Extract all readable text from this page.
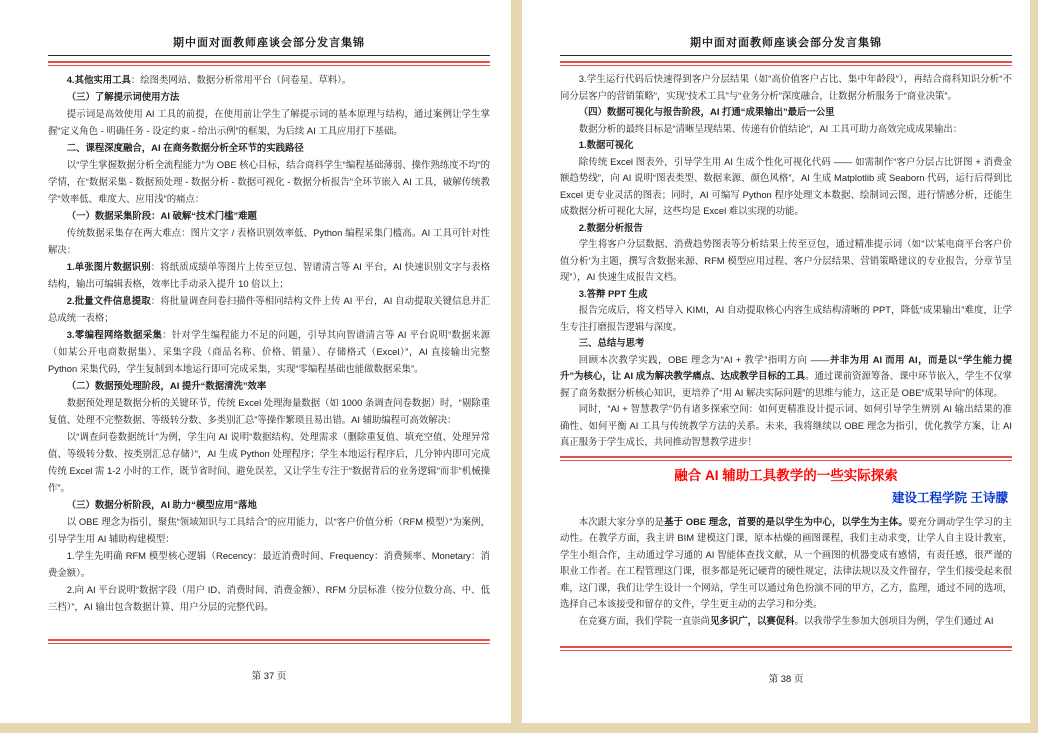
期中面对面教师座谈会部分发言集锦

4.其他实用工具：绘图类网站、数据分析常用平台（问卷星、草料）。

（三）了解提示词使用方法

提示词是高效使用 AI 工具的前提，在使用前让学生了解提示词的基本原理与结构，通过案例让学生掌握“定义角色 - 明确任务 - 设定约束 - 给出示例”的框架，为后续 AI 工具应用打下基础。

二、课程深度融合，AI 在商务数据分析全环节的实践路径

以“学生掌握数据分析全流程能力”为 OBE 核心目标，结合商科学生“编程基础薄弱、操作熟练度不均”的学情，在“数据采集 - 数据预处理 - 数据分析 - 数据可视化 - 数据分析报告”全环节嵌入 AI 工具，破解传统教学“效率低、难度大、应用浅”的痛点：

（一）数据采集阶段：AI 破解“技术门槛”难题

传统数据采集存在两大难点：图片文字 / 表格识别效率低、Python 编程采集门槛高。AI 工具可针对性解决：

1.单张图片数据识别：将纸质成绩单等图片上传至豆包、智谱清言等 AI 平台，AI 快速识别文字与表格结构，输出可编辑表格，效率比手动录入提升 10 倍以上；

2.批量文件信息提取：将批量调查问卷扫描件等相同结构文件上传 AI 平台，AI 自动提取关键信息并汇总成统一表格；

3.零编程网络数据采集：针对学生编程能力不足的问题，引导其向智谱清言等 AI 平台说明“数据来源（如某公开电商数据集）、采集字段（商品名称、价格、销量）、存储格式（Excel）”，AI 直接输出完整 Python 采集代码，学生复制到本地运行即可完成采集，实现“零编程基础也能做数据采集”。

（二）数据预处理阶段，AI 提升“数据清洗”效率

数据预处理是数据分析的关键环节，传统 Excel 处理海量数据（如 1000 条调查问卷数据）时，“剔除重复值、处理不完整数据、等级转分数、多类别汇总”等操作繁琐且易出错。AI 辅助编程可高效解决：

以“调查问卷数据统计”为例，学生向 AI 说明“数据结构、处理需求（删除重复值、填充空值、处理异常值、等级转分数、按类别汇总存储）”，AI 生成 Python 处理程序；学生本地运行程序后，几分钟内即可完成传统 Excel 需 1-2 小时的工作，既节省时间、避免误差，又让学生专注于“数据背后的业务逻辑”而非“机械操作”。

（三）数据分析阶段，AI 助力“模型应用”落地

以 OBE 理念为指引，聚焦“领域知识与工具结合”的应用能力，以“客户价值分析（RFM 模型）”为案例，引导学生用 AI 辅助构建模型：

1.学生先明确 RFM 模型核心逻辑（Recency：最近消费时间、Frequency：消费频率、Monetary：消费金额）。

2.向 AI 平台说明“数据字段（用户 ID、消费时间、消费金额）、RFM 分层标准（按分位数分高、中、低三档）”，AI 输出包含数据计算、用户分层的完整代码。

第 37 页
期中面对面教师座谈会部分发言集锦

3.学生运行代码后快速得到客户分层结果（如“高价值客户占比、集中年龄段”），再结合商科知识分析“不同分层客户的营销策略”，实现“技术工具”与“业务分析”深度融合，让数据分析服务于“商业决策”。

（四）数据可视化与报告阶段，AI 打通“成果输出”最后一公里

数据分析的最终目标是“清晰呈现结果、传递有价值结论”，AI 工具可助力高效完成成果输出：

1.数据可视化

除传统 Excel 图表外，引导学生用 AI 生成个性化可视化代码 —— 如需制作“客户分层占比饼图 + 消费金额趋势线”，向 AI 说明“图表类型、数据来源、颜色风格”，AI 生成 Matplotlib 或 Seaborn 代码，运行后得到比 Excel 更专业灵活的图表；同时，AI 可编写 Python 程序处理文本数据、绘制词云图、进行情感分析，还能生成数据分析可视化大屏，这些均是 Excel 难以实现的功能。

2.数据分析报告

学生将客户分层数据、消费趋势图表等分析结果上传至豆包，通过精准提示词（如“以'某电商平台客户价值分析'为主题，撰写含数据来源、RFM 模型应用过程、客户分层结果、营销策略建议的专业报告，分章节呈现”），AI 快速生成报告文档。

3.答辩 PPT 生成

报告完成后，将文档导入 KIMI，AI 自动提取核心内容生成结构清晰的 PPT，降低“成果输出”难度，让学生专注打磨报告逻辑与深度。

三、总结与思考

回顾本次教学实践，OBE 理念为“AI + 教学”指明方向 ——并非为用 AI 而用 AI，而是以“学生能力提升”为核心，让 AI 成为解决教学痛点、达成教学目标的工具。通过课前资源筹备、课中环节嵌入，学生不仅掌握了商务数据分析核心知识，更培养了“用 AI 解决实际问题”的思维与能力，这正是 OBE“成果导向”的体现。

同时，“AI + 智慧教学”仍有诸多探索空间：如何更精准设计提示词、如何引导学生辨别 AI 输出结果的准确性、如何平衡 AI 工具与传统教学方法的关系。未来，我将继续以 OBE 理念为指引，优化教学方案，让 AI 真正服务于学生成长，共同推动智慧教学进步！

融合 AI 辅助工具教学的一些实际探索

建设工程学院 王诗朦

本次跟大家分享的是基于 OBE 理念，首要的是以学生为中心，以学生为主体。要充分调动学生学习的主动性。在教学方面，我主讲 BIM 建模这门课，原本枯燥的画图课程，我们主动求变，让学人自主设计教室，学生小组合作，主动通过学习通的 AI 智能体查找文献，从一个画图的机器变成有感情，有责任感，很严谨的职业工作者。在工程管理这门课，很多都是死记硬背的硬性规定，法律法规以及文件留存，学生们接受起来很难，这门课，我们让学生设计一个网站，学生可以通过角色扮演不同的甲方，乙方，监理，通过不同的选项，选择自己本该接受和留存的文件，学生更主动的去学习和分类。

在竞赛方面，我们学院一直崇尚见多识广，以赛促科。以我带学生参加大创项目为例，学生们通过 AI

第 38 页
